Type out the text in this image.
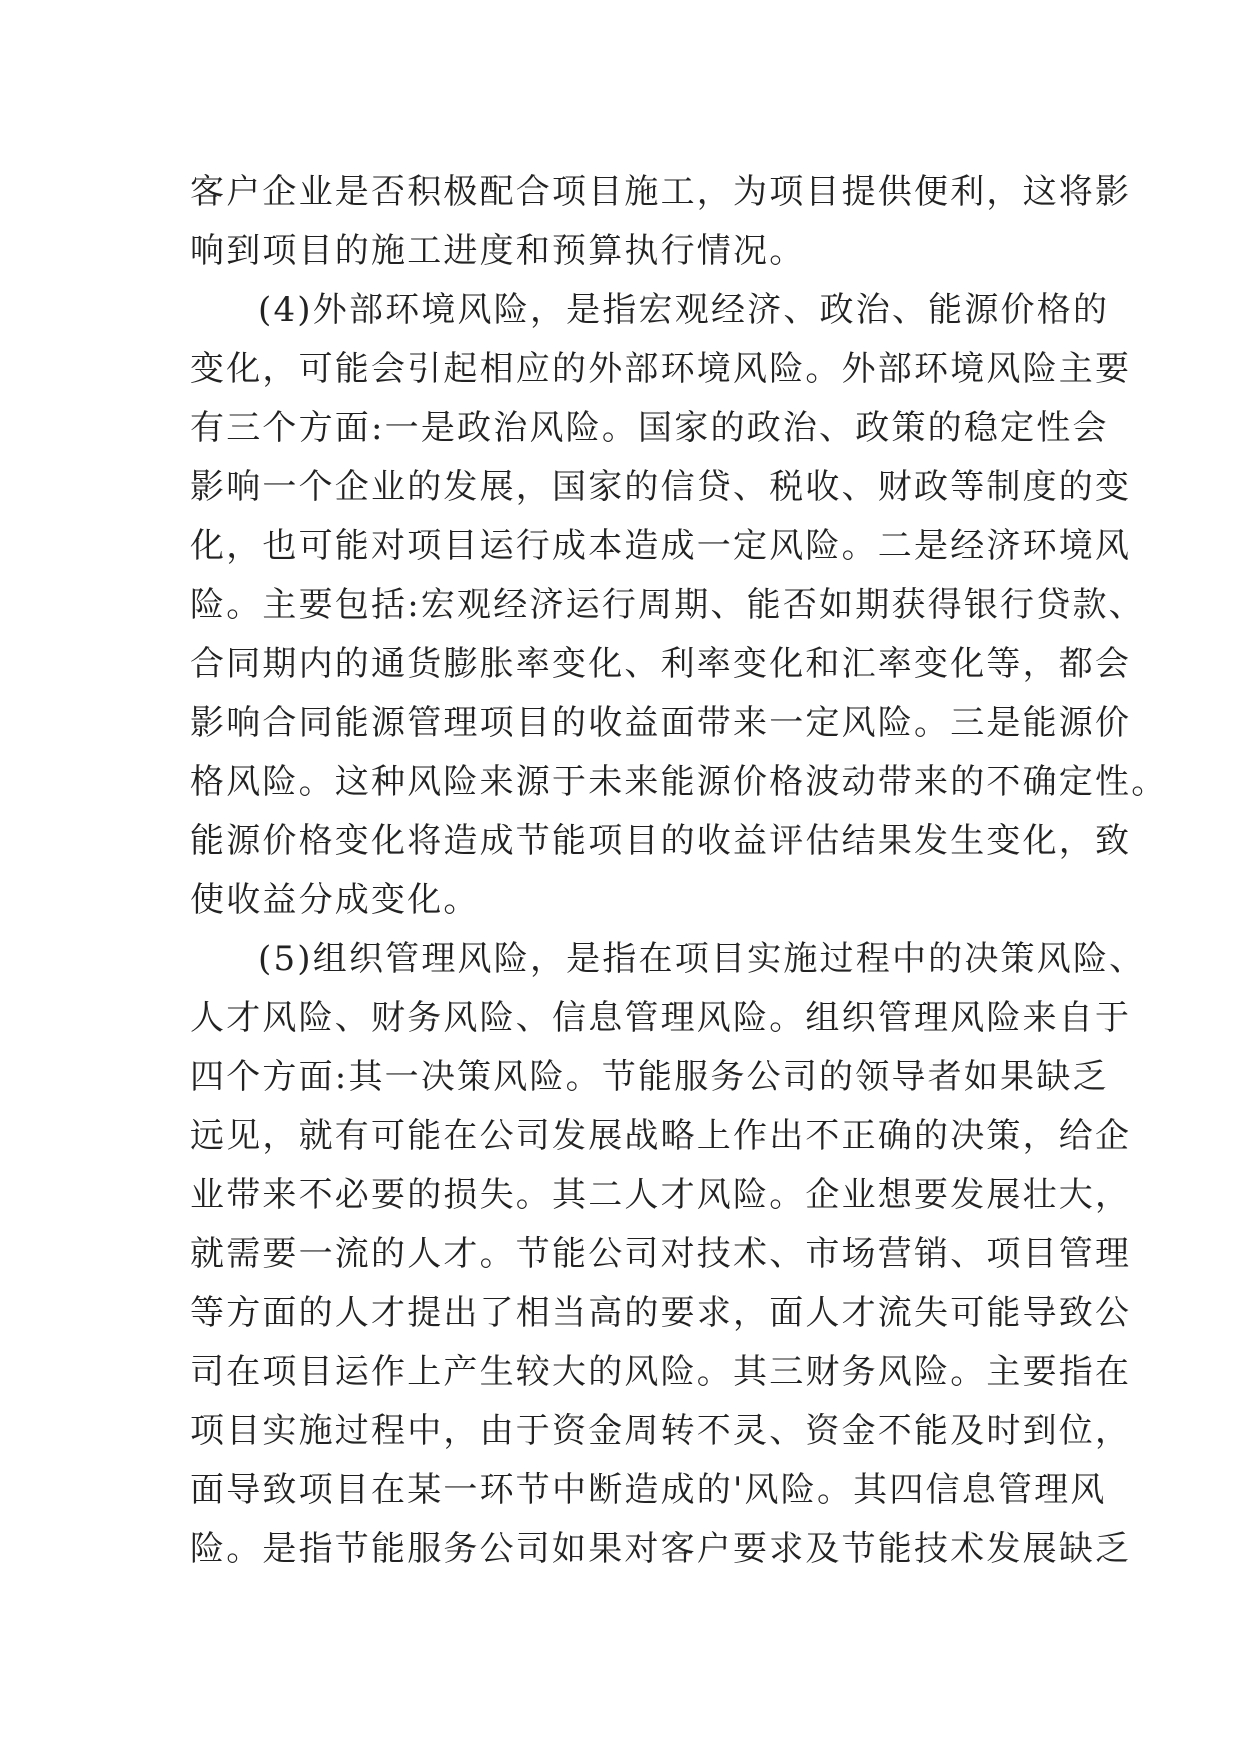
客户企业是否积极配合项目施工，为项目提供便利，这将影
响到项目的施工进度和预算执行情况。
(4)外部环境风险，是指宏观经济、政治、能源价格的
变化，可能会引起相应的外部环境风险。外部环境风险主要
有三个方面:一是政治风险。国家的政治、政策的稳定性会
影响一个企业的发展，国家的信贷、税收、财政等制度的变
化，也可能对项目运行成本造成一定风险。二是经济环境风
险。主要包括:宏观经济运行周期、能否如期获得银行贷款、
合同期内的通货膨胀率变化、利率变化和汇率变化等，都会
影响合同能源管理项目的收益面带来一定风险。三是能源价
格风险。这种风险来源于未来能源价格波动带来的不确定性。
能源价格变化将造成节能项目的收益评估结果发生变化，致
使收益分成变化。
(5)组织管理风险，是指在项目实施过程中的决策风险、
人才风险、财务风险、信息管理风险。组织管理风险来自于
四个方面:其一决策风险。节能服务公司的领导者如果缺乏
远见，就有可能在公司发展战略上作出不正确的决策，给企
业带来不必要的损失。其二人才风险。企业想要发展壮大，
就需要一流的人才。节能公司对技术、市场营销、项目管理
等方面的人才提出了相当高的要求，面人才流失可能导致公
司在项目运作上产生较大的风险。其三财务风险。主要指在
项目实施过程中，由于资金周转不灵、资金不能及时到位，
面导致项目在某一环节中断造成的'风险。其四信息管理风
险。是指节能服务公司如果对客户要求及节能技术发展缺乏
